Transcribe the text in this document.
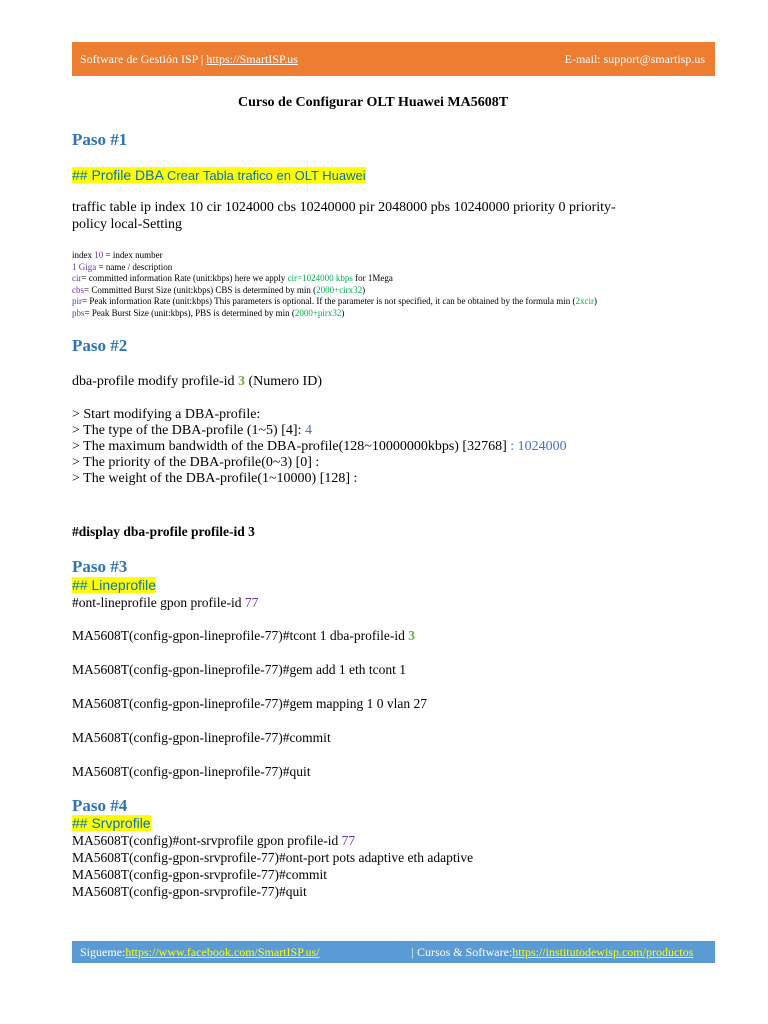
Software de Gestión ISP | https://SmartISP.us	E-mail: support@smartisp.us
Curso de Configurar OLT Huawei MA5608T
Paso #1
## Profile DBA Crear Tabla trafico en OLT Huawei
traffic table ip index 10 cir 1024000 cbs 10240000 pir 2048000 pbs 10240000 priority 0 priority-
policy local-Setting
index 10 = index number
1 Giga = name / description
cir= committed information Rate (unit:kbps) here we apply cir=1024000 kbps for 1Mega
cbs= Committed Burst Size (unit:kbps) CBS is determined by min (2000+cirx32)
pir= Peak information Rate (unit:kbps) This parameters is optional. If the parameter is not specified, it can be obtained by the formula min (2xcir)
pbs= Peak Burst Size (unit:kbps), PBS is determined by min (2000+pirx32)
Paso #2
dba-profile modify profile-id 3 (Numero ID)
> Start modifying a DBA-profile:
> The type of the DBA-profile (1~5) [4]: 4
> The maximum bandwidth of the DBA-profile(128~10000000kbps) [32768] : 1024000
> The priority of the DBA-profile(0~3) [0] :
> The weight of the DBA-profile(1~10000) [128] :
#display dba-profile profile-id 3
Paso #3
## Lineprofile
#ont-lineprofile gpon profile-id 77
MA5608T(config-gpon-lineprofile-77)#tcont 1 dba-profile-id 3
MA5608T(config-gpon-lineprofile-77)#gem add 1 eth tcont 1
MA5608T(config-gpon-lineprofile-77)#gem mapping 1 0 vlan 27
MA5608T(config-gpon-lineprofile-77)#commit
MA5608T(config-gpon-lineprofile-77)#quit
Paso #4
## Srvprofile
MA5608T(config)#ont-srvprofile gpon profile-id 77
MA5608T(config-gpon-srvprofile-77)#ont-port pots adaptive eth adaptive
MA5608T(config-gpon-srvprofile-77)#commit
MA5608T(config-gpon-srvprofile-77)#quit
Sigueme: https://www.facebook.com/SmartISP.us/	| Cursos & Software: https://institutodewisp.com/productos
